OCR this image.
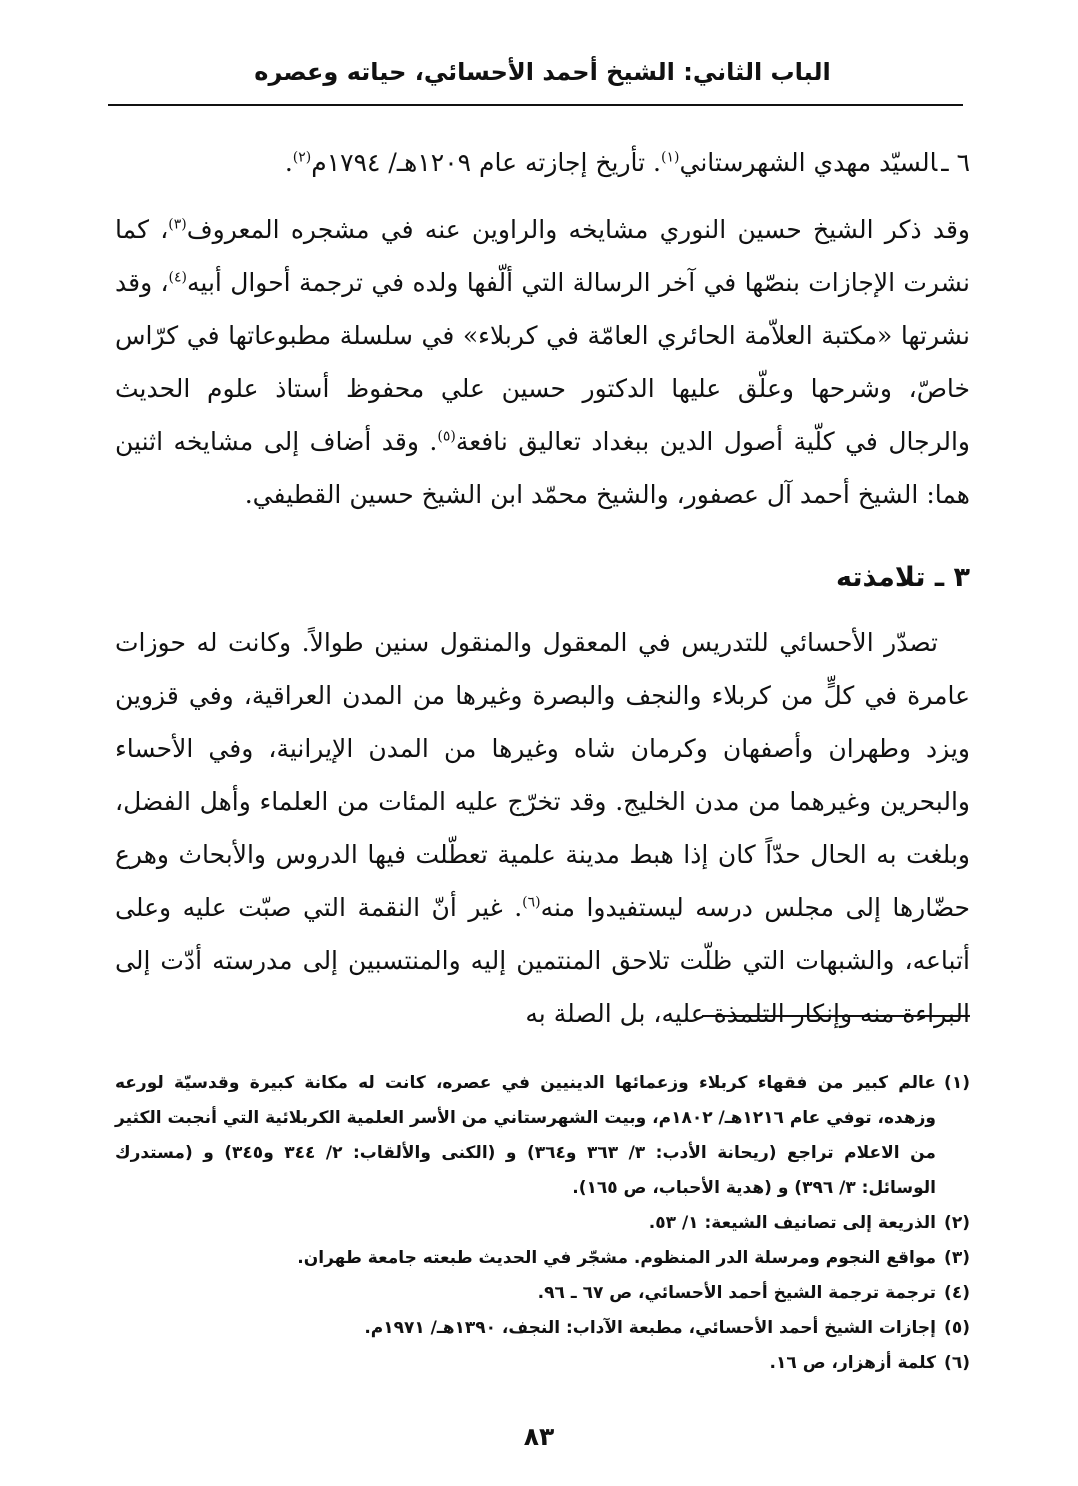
الباب الثاني: الشيخ أحمد الأحسائي، حياته وعصره
٦ ـالسيّد مهدي الشهرستاني$^{(١)}$. تأريخ إجازته عام ١٢٠٩هـ/ ١٧٩٤م$^{(٢)}$.

وقد ذكر الشيخ حسين النوري مشايخه والراوين عنه في مشجره المعروف$^{(٣)}$، كما نشرت الإجازات بنصّها في آخر الرسالة التي ألّفها ولده في ترجمة أحوال أبيه$^{(٤)}$، وقد نشرتها «مكتبة العلاّمة الحائري العامّة في كربلاء» في سلسلة مطبوعاتها في كرّاس خاصّ، وشرحها وعلّق عليها الدكتور حسين علي محفوظ أستاذ علوم الحديث والرجال في كلّية أصول الدين ببغداد تعاليق نافعة$^{(٥)}$. وقد أضاف إلى مشايخه اثنين هما: الشيخ أحمد آل عصفور، والشيخ محمّد ابن الشيخ حسين القطيفي.

٣ ـ تلامذته

تصدّر الأحسائي للتدريس في المعقول والمنقول سنين طوالاً. وكانت له حوزات عامرة في كلٍّ من كربلاء والنجف والبصرة وغيرها من المدن العراقية، وفي قزوين ويزد وطهران وأصفهان وكرمان شاه وغيرها من المدن الإيرانية، وفي الأحساء والبحرين وغيرهما من مدن الخليج. وقد تخرّج عليه المئات من العلماء وأهل الفضل، وبلغت به الحال حدّاً كان إذا هبط مدينة علمية تعطّلت فيها الدروس والأبحاث وهرع حضّارها إلى مجلس درسه ليستفيدوا منه$^{(٦)}$. غير أنّ النقمة التي صبّت عليه وعلى أتباعه، والشبهات التي ظلّت تلاحق المنتمين إليه والمنتسبين إلى مدرسته أدّت إلى البراءة منه وإنكار التلمذة عليه، بل الصلة به

(١)
عالم كبير من فقهاء كربلاء وزعمائها الدينيين في عصره، كانت له مكانة كبيرة وقدسيّة لورعه وزهده، توفي عام ١٢١٦هـ/ ١٨٠٢م، وبيت الشهرستاني من الأسر العلمية الكربلائية التي أنجبت الكثير من الاعلام تراجع (ريحانة الأدب: ٣/ ٣٦٣ و٣٦٤) و (الكنى والألقاب: ٢/ ٣٤٤ و٣٤٥) و (مستدرك الوسائل: ٣/ ٣٩٦) و (هدية الأحباب، ص ١٦٥).
(٢)
الذريعة إلى تصانيف الشيعة: ١/ ٥٣.
(٣)
مواقع النجوم ومرسلة الدر المنظوم. مشجّر في الحديث طبعته جامعة طهران.
(٤)
ترجمة ترجمة الشيخ أحمد الأحسائي، ص ٦٧ ـ ٩٦.
(٥)
إجازات الشيخ أحمد الأحسائي، مطبعة الآداب: النجف، ١٣٩٠هـ/ ١٩٧١م.
(٦)
كلمة أزهزار، ص ١٦.
٨٣
